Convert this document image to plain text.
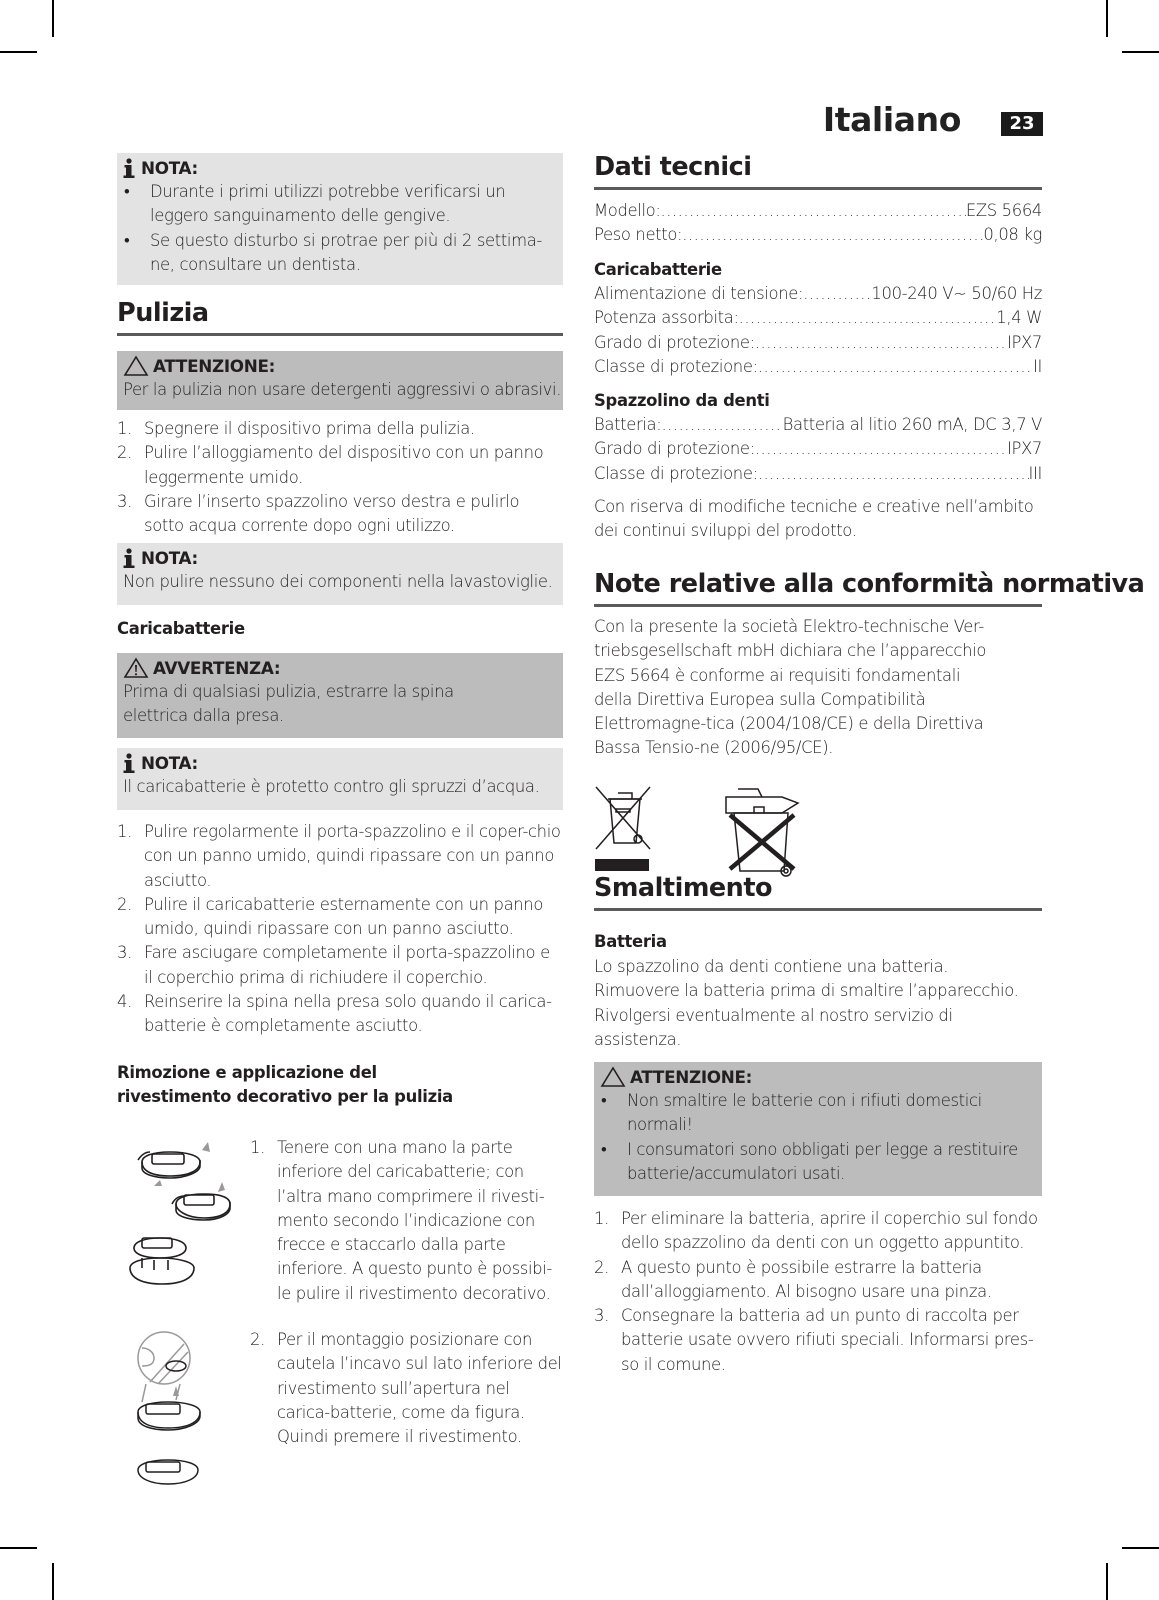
Italiano	23
NOTA:
• Durante i primi utilizzi potrebbe verificarsi un leggero sanguinamento delle gengive.
• Se questo disturbo si protrae per più di 2 settima-ne, consultare un dentista.
Pulizia
ATTENZIONE:
Per la pulizia non usare detergenti aggressivi o abrasivi.
1. Spegnere il dispositivo prima della pulizia.
2. Pulire l’alloggiamento del dispositivo con un panno leggermente umido.
3. Girare l’inserto spazzolino verso destra e pulirlo sotto acqua corrente dopo ogni utilizzo.
NOTA:
Non pulire nessuno dei componenti nella lavastoviglie.
Caricabatterie
AVVERTENZA:
Prima di qualsiasi pulizia, estrarre la spina elettrica dalla presa.
NOTA:
Il caricabatterie è protetto contro gli spruzzi d’acqua.
1. Pulire regolarmente il porta-spazzolino e il coper-chio con un panno umido, quindi ripassare con un panno asciutto.
2. Pulire il caricabatterie esternamente con un panno umido, quindi ripassare con un panno asciutto.
3. Fare asciugare completamente il porta-spazzolino e il coperchio prima di richiudere il coperchio.
4. Reinserire la spina nella presa solo quando il carica-batterie è completamente asciutto.
Rimozione e applicazione del rivestimento decorativo per la pulizia
1. Tenere con una mano la parte inferiore del caricabatterie; con l’altra mano comprimere il rivesti-mento secondo l’indicazione con frecce e staccarlo dalla parte inferiore. A questo punto è possibi-le pulire il rivestimento decorativo.
2. Per il montaggio posizionare con cautela l’incavo sul lato inferiore del rivestimento sull’apertura nel carica-batterie, come da figura. Quindi premere il rivestimento.
Dati tecnici
Modello: .....	EZS 5664
Peso netto: .....	0,08 kg
Caricabatterie
Alimentazione di tensione: .....	100-240 V~ 50/60 Hz
Potenza assorbita: .....	1,4 W
Grado di protezione: .....	IPX7
Classe di protezione: .....	II
Spazzolino da denti
Batteria: .....	Batteria al litio 260 mA, DC 3,7 V
Grado di protezione: .....	IPX7
Classe di protezione: .....	III
Con riserva di modifiche tecniche e creative nell’ambito dei continui sviluppi del prodotto.
Note relative alla conformità normativa
Con la presente la società Elektro-technische Ver-triebsgesellschaft mbH dichiara che l’apparecchio EZS 5664 è conforme ai requisiti fondamentali della Direttiva Europea sulla Compatibilità Elettromagne-tica (2004/108/CE) e della Direttiva Bassa Tensio-ne (2006/95/CE).
Smaltimento
Batteria
Lo spazzolino da denti contiene una batteria. Rimuovere la batteria prima di smaltire l’apparecchio. Rivolgersi eventualmente al nostro servizio di assistenza.
ATTENZIONE:
• Non smaltire le batterie con i rifiuti domestici normali!
• I consumatori sono obbligati per legge a restituire batterie/accumulatori usati.
1. Per eliminare la batteria, aprire il coperchio sul fondo dello spazzolino da denti con un oggetto appuntito.
2. A questo punto è possibile estrarre la batteria dall’alloggiamento. Al bisogno usare una pinza.
3. Consegnare la batteria ad un punto di raccolta per batterie usate ovvero rifiuti speciali. Informarsi pres-so il comune.
